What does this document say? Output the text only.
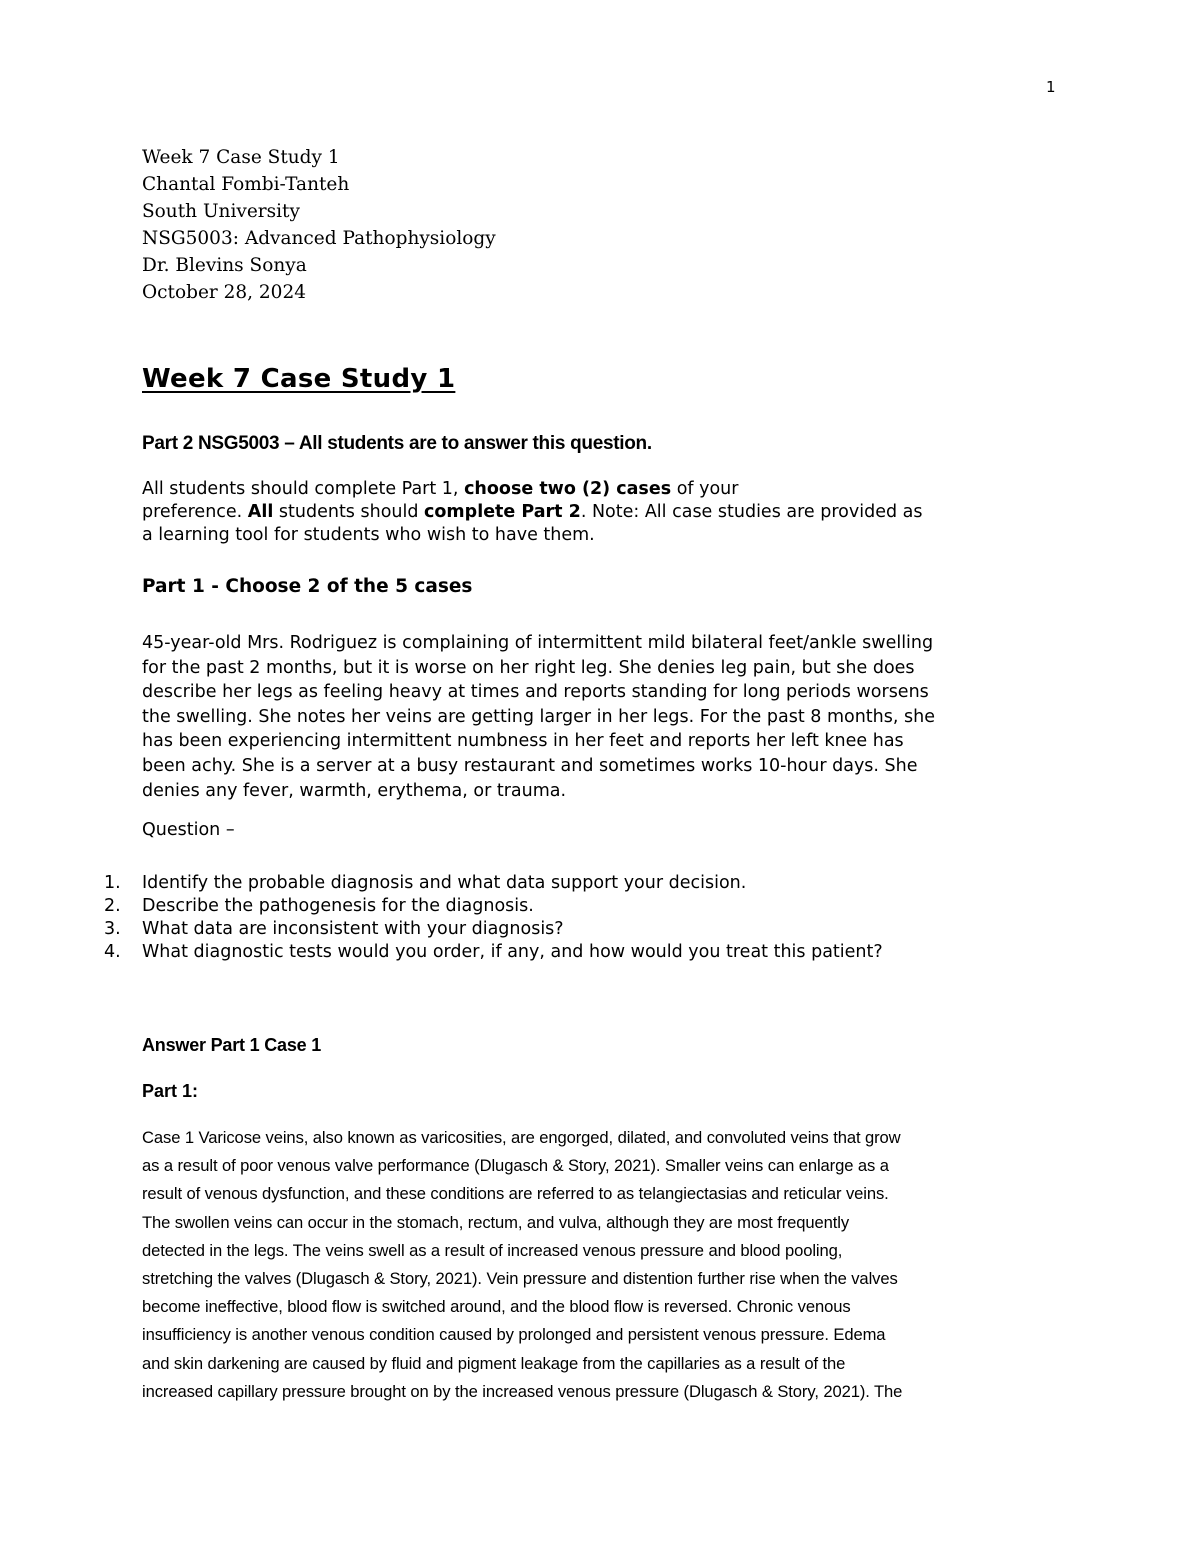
1
Week 7 Case Study 1
Chantal Fombi-Tanteh
South University
NSG5003: Advanced Pathophysiology
Dr. Blevins Sonya
October 28, 2024
Week 7 Case Study 1
Part 2 NSG5003 – All students are to answer this question.

All students should complete Part 1, choose two (2) cases of your
preference. All students should complete Part 2. Note: All case studies are provided as
a learning tool for students who wish to have them.

Part 1 - Choose 2 of the 5 cases

45-year-old Mrs. Rodriguez is complaining of intermittent mild bilateral feet/ankle swelling
for the past 2 months, but it is worse on her right leg. She denies leg pain, but she does
describe her legs as feeling heavy at times and reports standing for long periods worsens
the swelling. She notes her veins are getting larger in her legs. For the past 8 months, she
has been experiencing intermittent numbness in her feet and reports her left knee has
been achy. She is a server at a busy restaurant and sometimes works 10-hour days. She
denies any fever, warmth, erythema, or trauma.

Question –

1. Identify the probable diagnosis and what data support your decision.
2. Describe the pathogenesis for the diagnosis.
3. What data are inconsistent with your diagnosis?
4. What diagnostic tests would you order, if any, and how would you treat this patient?
Answer Part 1 Case 1
Part 1:

Case 1 Varicose veins, also known as varicosities, are engorged, dilated, and convoluted veins that grow
as a result of poor venous valve performance (Dlugasch & Story, 2021). Smaller veins can enlarge as a
result of venous dysfunction, and these conditions are referred to as telangiectasias and reticular veins.
The swollen veins can occur in the stomach, rectum, and vulva, although they are most frequently
detected in the legs. The veins swell as a result of increased venous pressure and blood pooling,
stretching the valves (Dlugasch & Story, 2021). Vein pressure and distention further rise when the valves
become ineffective, blood flow is switched around, and the blood flow is reversed. Chronic venous
insufficiency is another venous condition caused by prolonged and persistent venous pressure. Edema
and skin darkening are caused by fluid and pigment leakage from the capillaries as a result of the
increased capillary pressure brought on by the increased venous pressure (Dlugasch & Story, 2021). The
